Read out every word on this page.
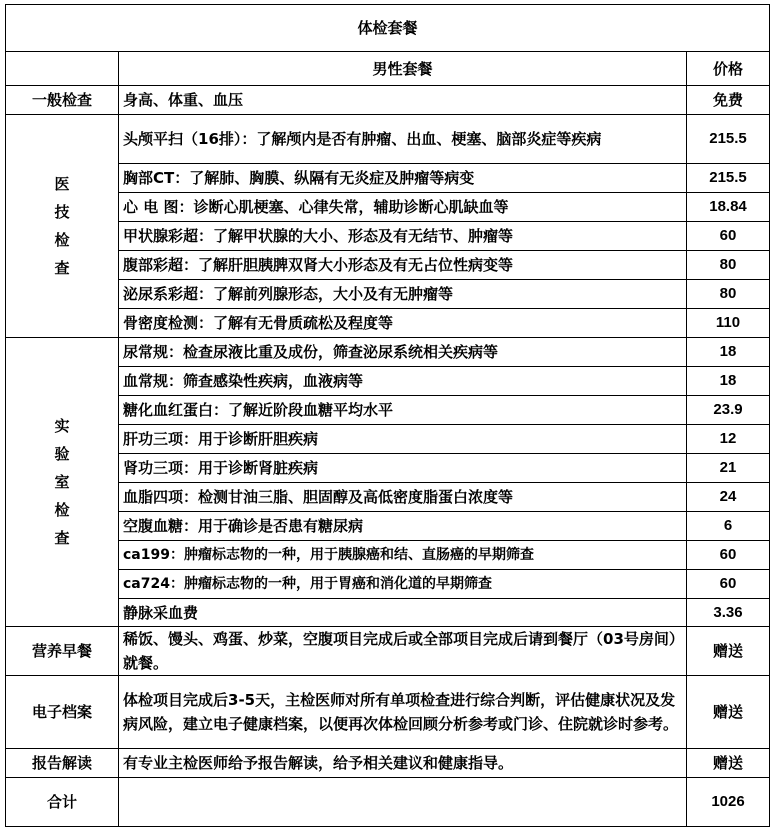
体检套餐		
	男性套餐	价格
一般检查	身高、体重、血压	免费

医
技
检
查	头颅平扫（16排）：了解颅内是否有肿瘤、出血、梗塞、脑部炎症等疾病	215.5
	胸部CT：了解肺、胸膜、纵隔有无炎症及肿瘤等病变	215.5
	心 电 图：诊断心肌梗塞、心律失常，辅助诊断心肌缺血等	18.84
	甲状腺彩超：了解甲状腺的大小、形态及有无结节、肿瘤等	60
	腹部彩超：了解肝胆胰脾双肾大小形态及有无占位性病变等	80
	泌尿系彩超：了解前列腺形态，大小及有无肿瘤等	80
	骨密度检测：了解有无骨质疏松及程度等	110

实
验
室
检
查	尿常规：检查尿液比重及成份，筛查泌尿系统相关疾病等	18
	血常规：筛查感染性疾病，血液病等	18
	糖化血红蛋白：了解近阶段血糖平均水平	23.9
	肝功三项：用于诊断肝胆疾病	12
	肾功三项：用于诊断肾脏疾病	21
	血脂四项：检测甘油三脂、胆固醇及高低密度脂蛋白浓度等	24
	空腹血糖：用于确诊是否患有糖尿病	6
	ca199：肿瘤标志物的一种，用于胰腺癌和结、直肠癌的早期筛查	60
	ca724：肿瘤标志物的一种，用于胃癌和消化道的早期筛查	60
	静脉采血费	3.36
营养早餐	稀饭、馒头、鸡蛋、炒菜，空腹项目完成后或全部项目完成后请到餐厅（03号房间）就餐。	赠送
电子档案	体检项目完成后3-5天，主检医师对所有单项检查进行综合判断，评估健康状况及发病风险，建立电子健康档案，以便再次体检回顾分析参考或门诊、住院就诊时参考。	赠送
报告解读	有专业主检医师给予报告解读，给予相关建议和健康指导。	赠送
合计		1026
